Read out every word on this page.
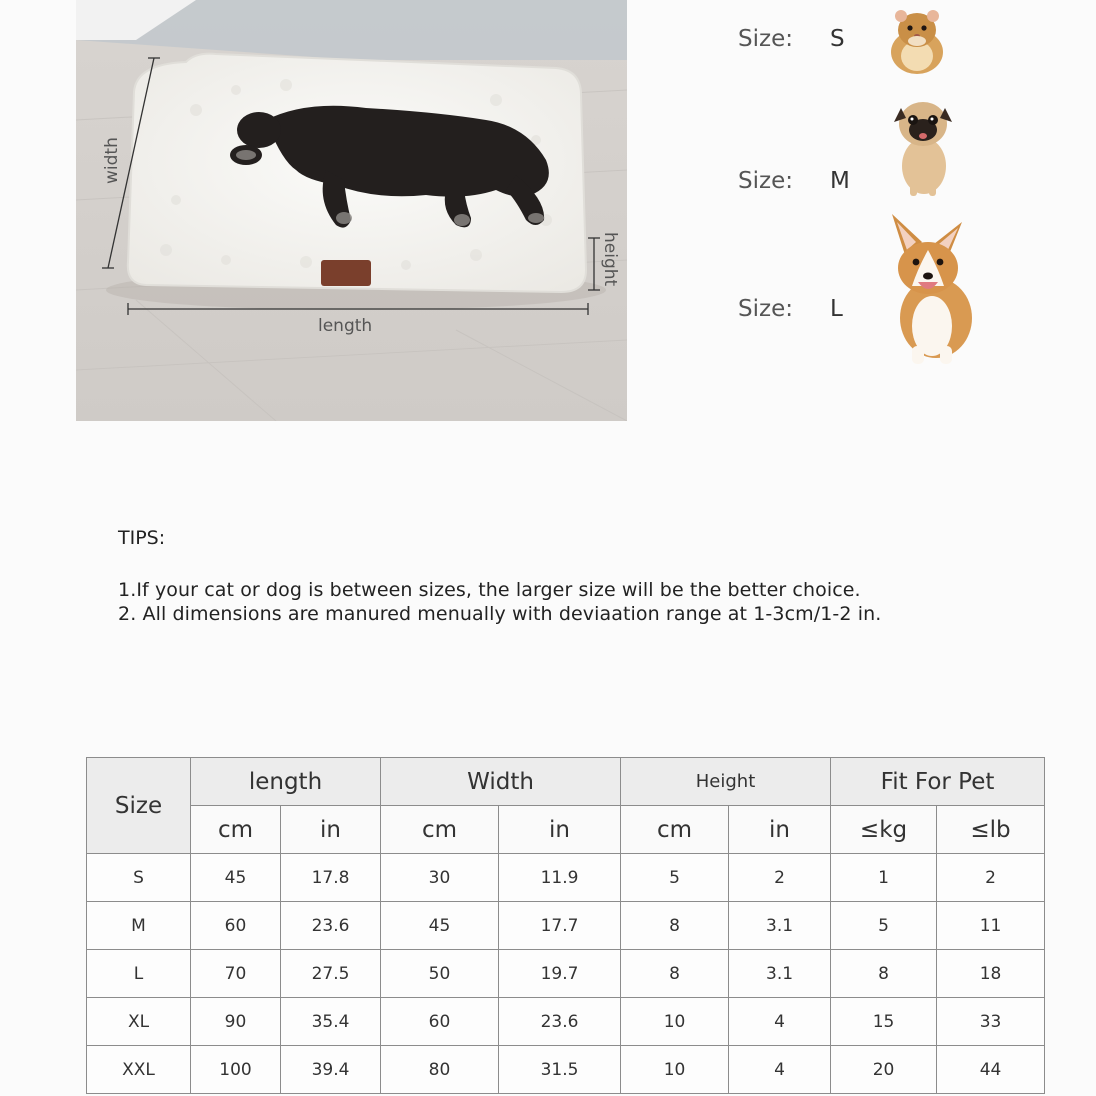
width
height
length
Size:	S
Size:	M
Size:	L
TIPS:
1.If your cat or dog is between sizes, the larger size will be the better choice.
2. All dimensions are manured menually with deviaation range at 1-3cm/1-2 in.
Size	length		Width		Height		Fit For Pet	
	cm	in	cm	in	cm	in	≤kg	≤lb
S	45	17.8	30	11.9	5	2	1	2
M	60	23.6	45	17.7	8	3.1	5	11
L	70	27.5	50	19.7	8	3.1	8	18
XL	90	35.4	60	23.6	10	4	15	33
XXL	100	39.4	80	31.5	10	4	20	44
